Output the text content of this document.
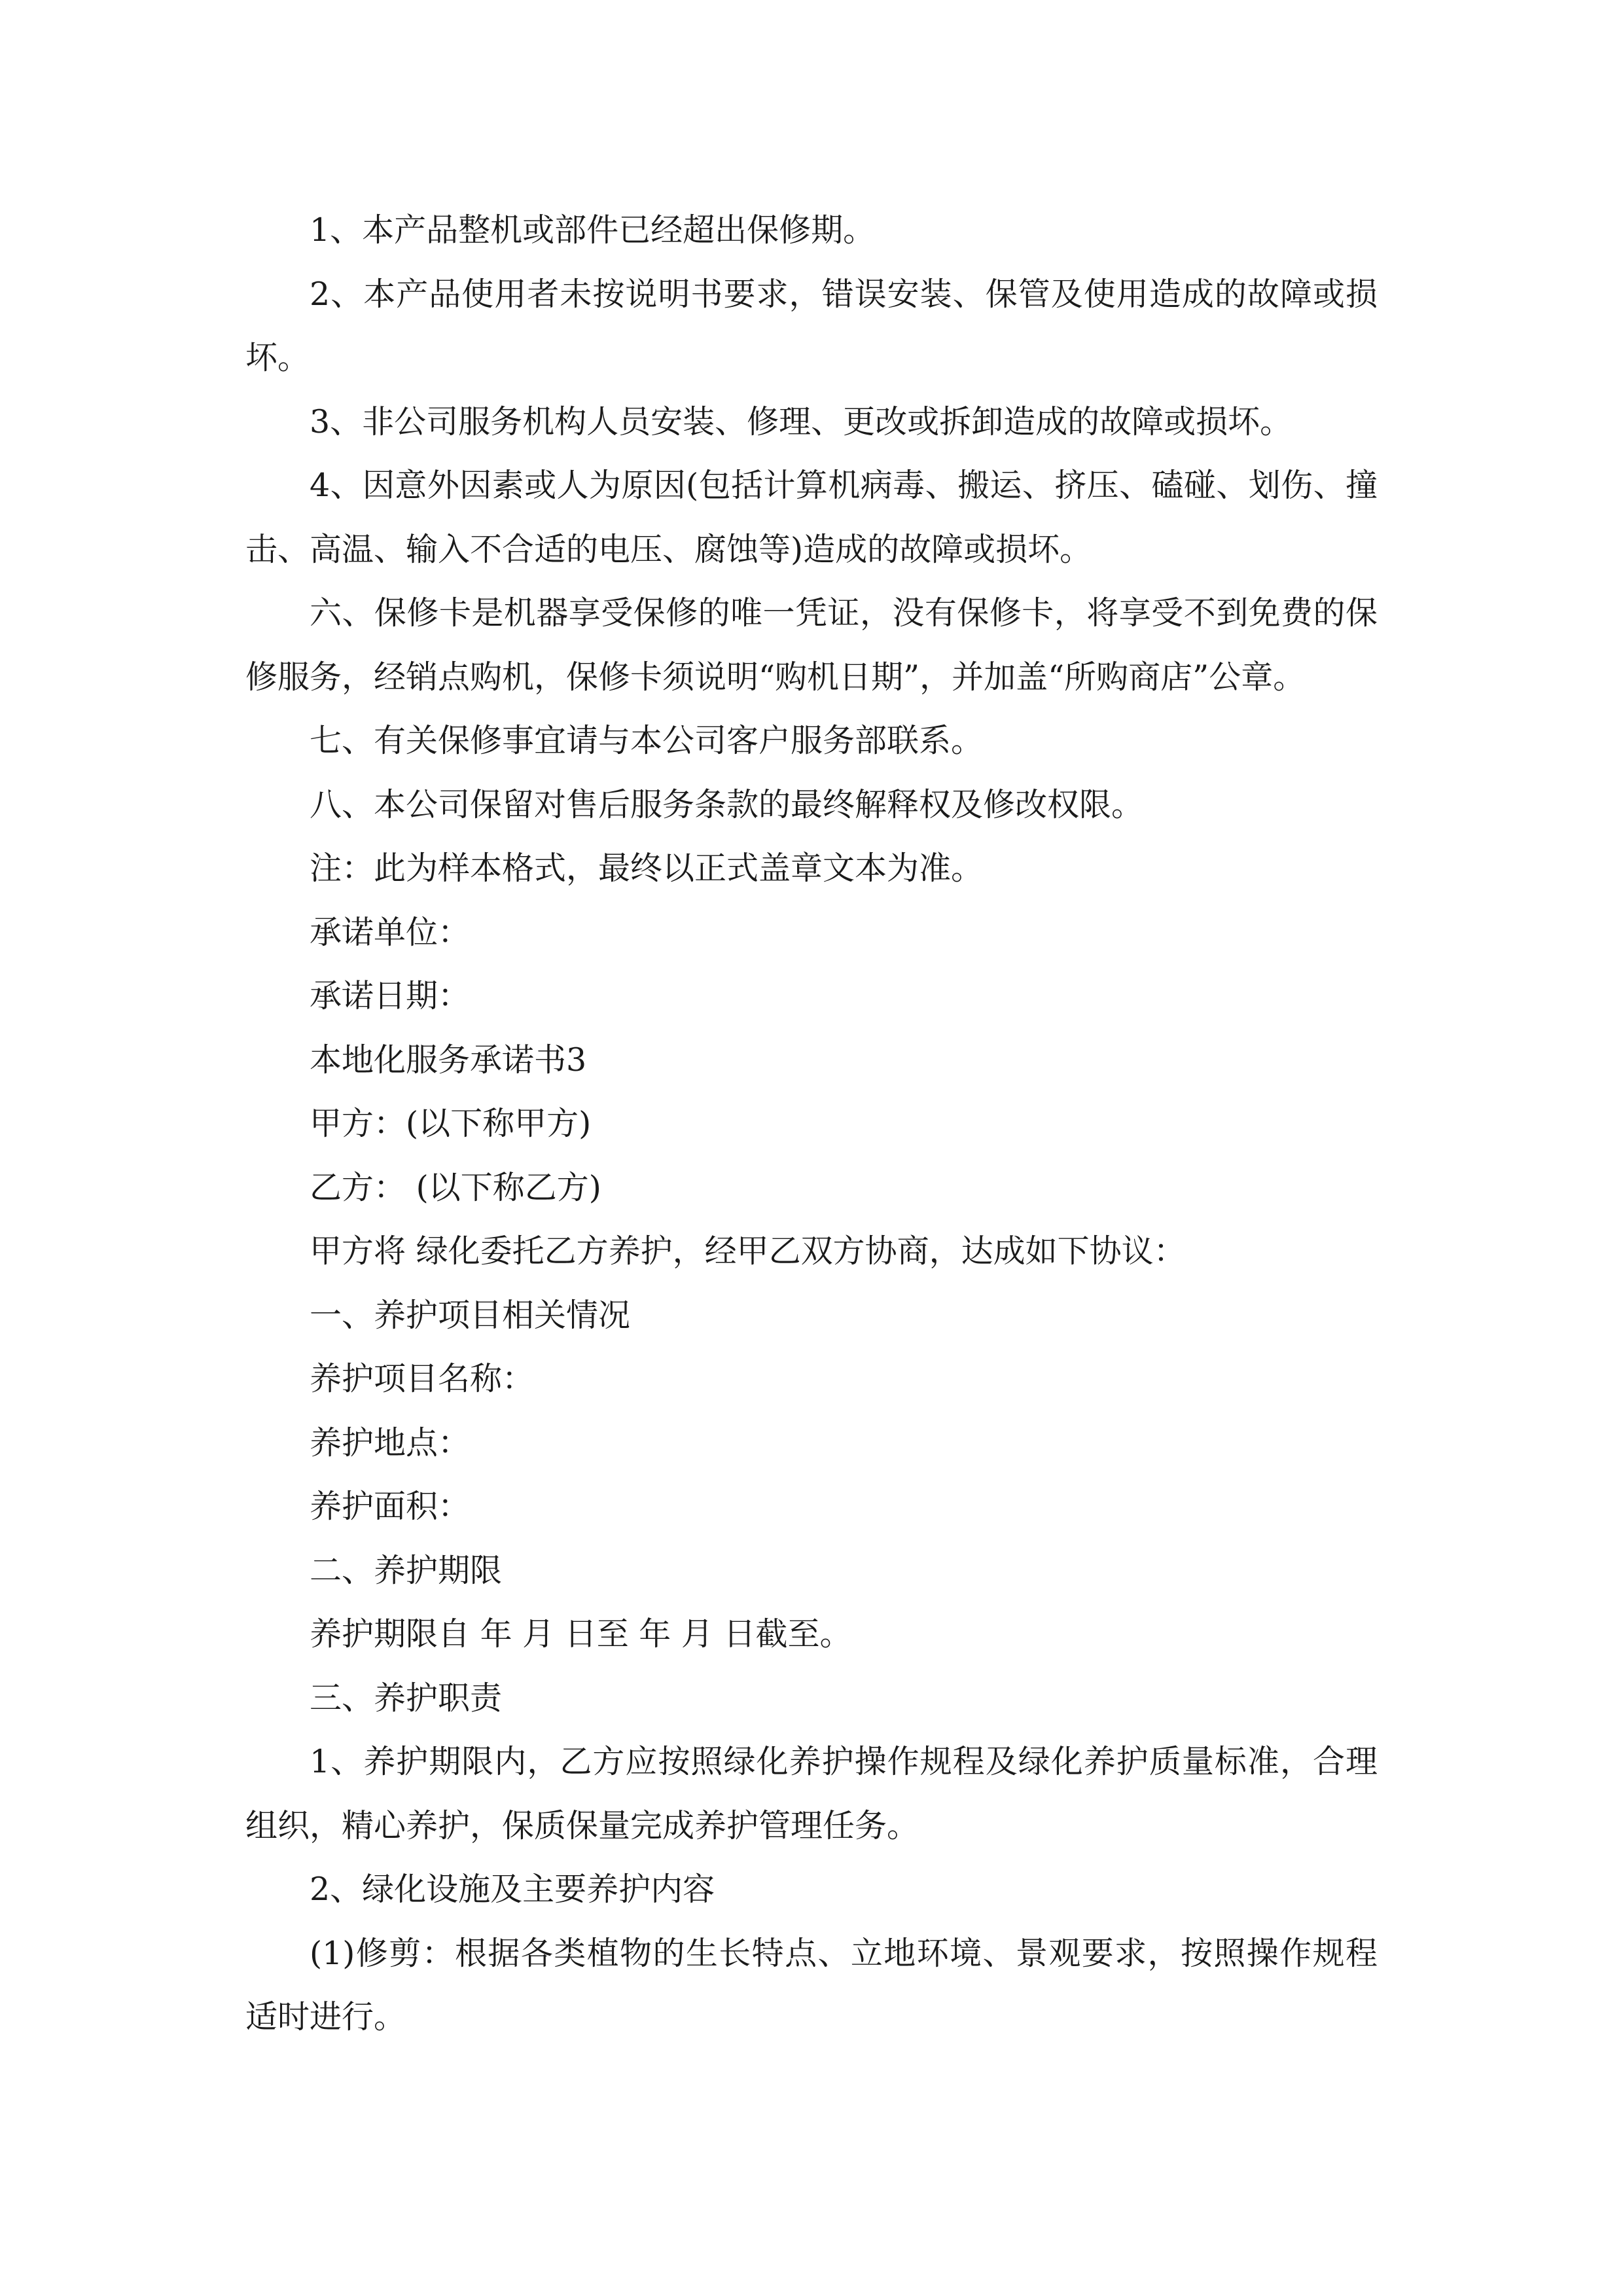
1、本产品整机或部件已经超出保修期。

2、本产品使用者未按说明书要求，错误安装、保管及使用造成的故障或损坏。

3、非公司服务机构人员安装、修理、更改或拆卸造成的故障或损坏。

4、因意外因素或人为原因(包括计算机病毒、搬运、挤压、磕碰、划伤、撞击、高温、输入不合适的电压、腐蚀等)造成的故障或损坏。

六、保修卡是机器享受保修的唯一凭证，没有保修卡，将享受不到免费的保修服务，经销点购机，保修卡须说明“购机日期”，并加盖“所购商店”公章。

七、有关保修事宜请与本公司客户服务部联系。

八、本公司保留对售后服务条款的最终解释权及修改权限。

注：此为样本格式，最终以正式盖章文本为准。

承诺单位：

承诺日期：

本地化服务承诺书3

甲方：(以下称甲方)

乙方： (以下称乙方)

甲方将 绿化委托乙方养护，经甲乙双方协商，达成如下协议：

一、养护项目相关情况

养护项目名称：

养护地点：

养护面积：

二、养护期限

养护期限自 年 月 日至 年 月 日截至。

三、养护职责

1、养护期限内，乙方应按照绿化养护操作规程及绿化养护质量标准，合理组织，精心养护，保质保量完成养护管理任务。

2、绿化设施及主要养护内容

(1)修剪：根据各类植物的生长特点、立地环境、景观要求，按照操作规程适时进行。
